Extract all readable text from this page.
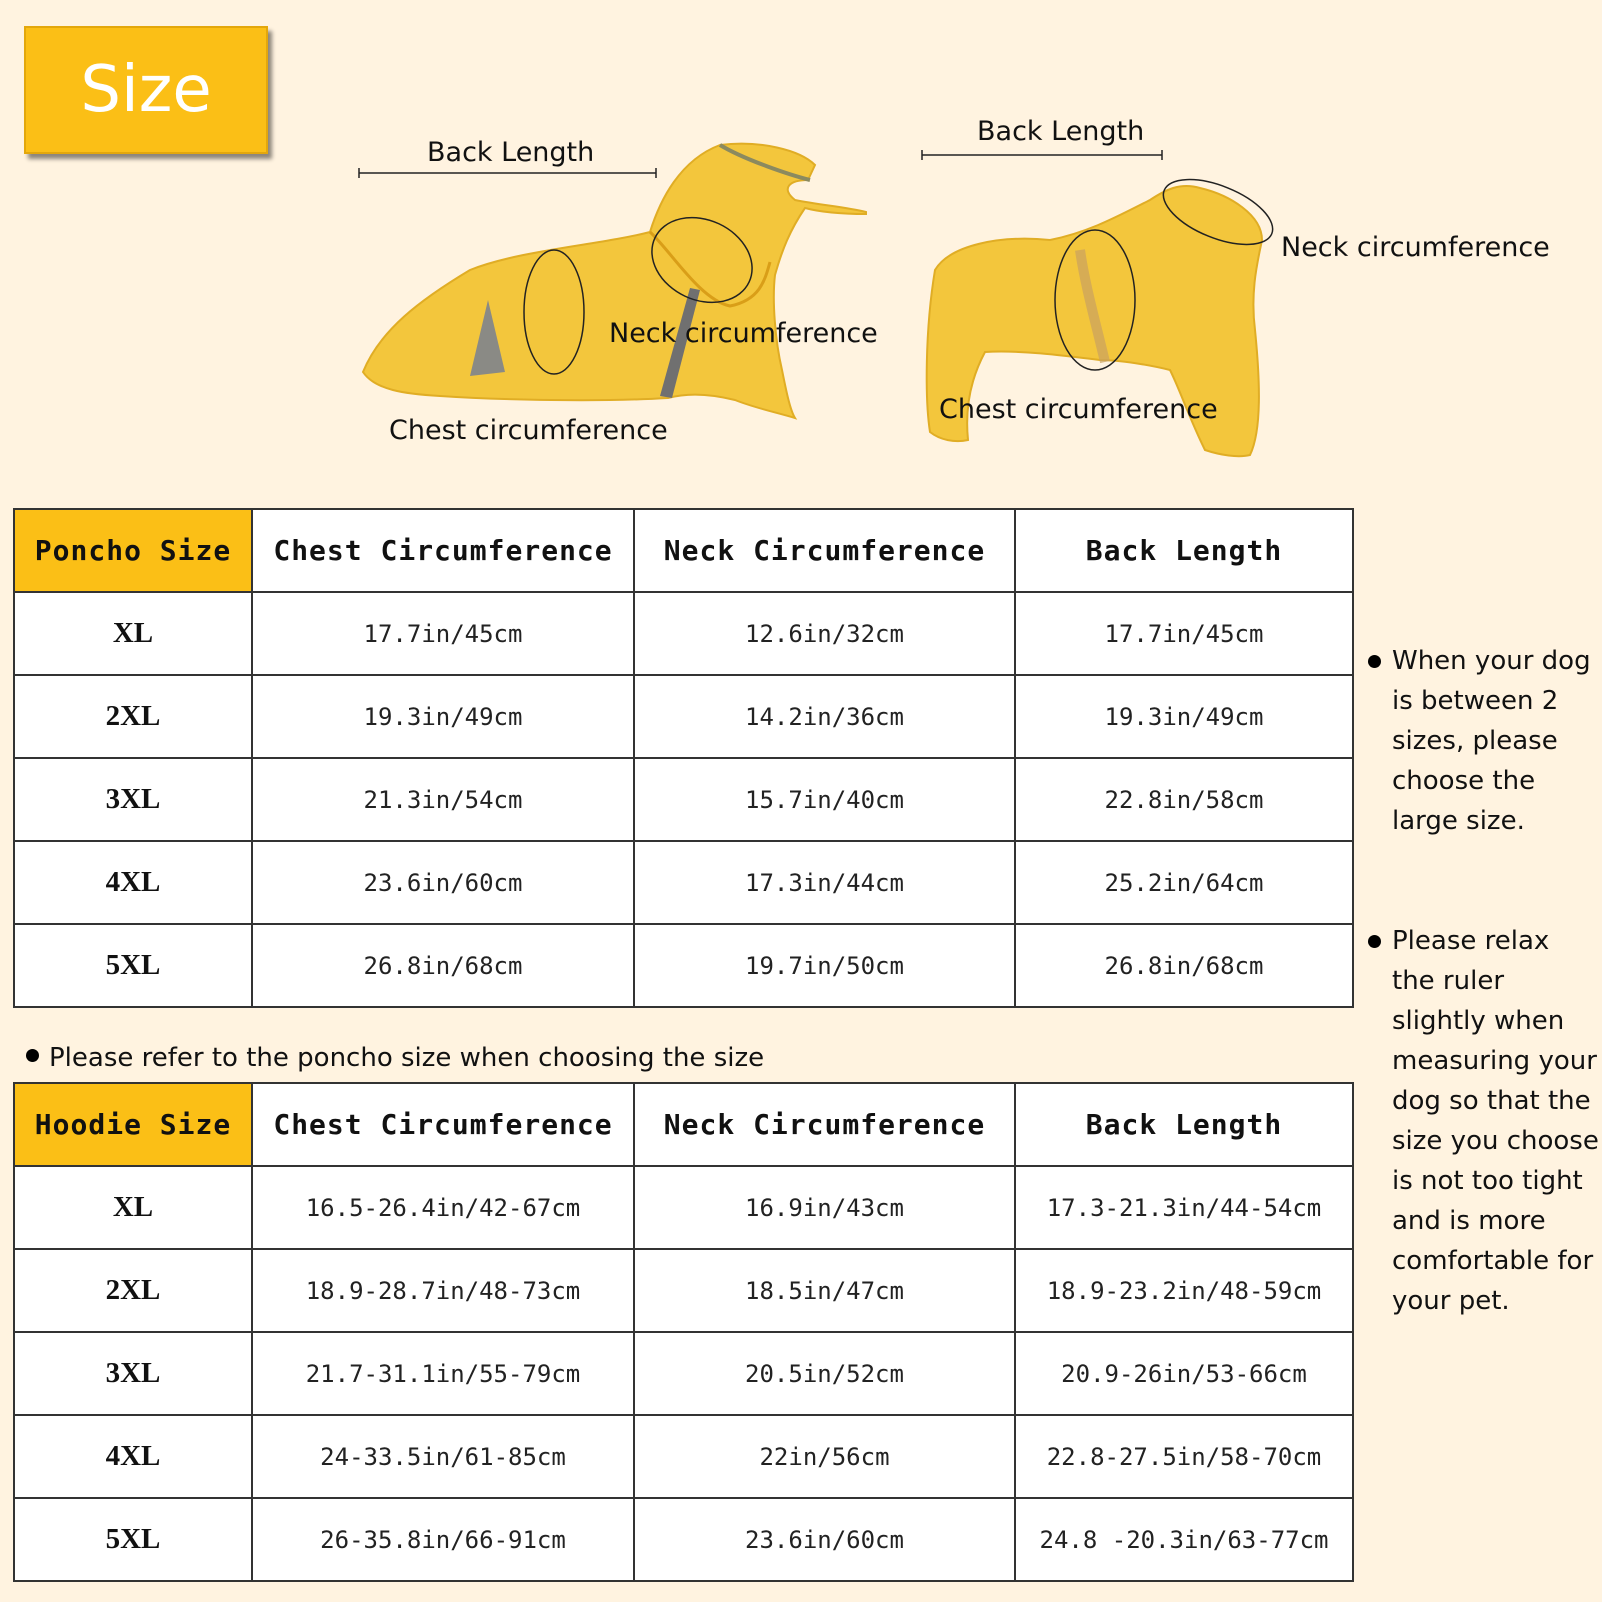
Size
Back Length
Neck circumference
Chest circumference
Back Length
Neck circumference
Chest circumference
Poncho Size	Chest Circumference	Neck Circumference	Back Length
XL	17.7in/45cm	12.6in/32cm	17.7in/45cm
2XL	19.3in/49cm	14.2in/36cm	19.3in/49cm
3XL	21.3in/54cm	15.7in/40cm	22.8in/58cm
4XL	23.6in/60cm	17.3in/44cm	25.2in/64cm
5XL	26.8in/68cm	19.7in/50cm	26.8in/68cm
Please refer to the poncho size when choosing the size
Hoodie Size	Chest Circumference	Neck Circumference	Back Length
XL	16.5-26.4in/42-67cm	16.9in/43cm	17.3-21.3in/44-54cm
2XL	18.9-28.7in/48-73cm	18.5in/47cm	18.9-23.2in/48-59cm
3XL	21.7-31.1in/55-79cm	20.5in/52cm	20.9-26in/53-66cm
4XL	24-33.5in/61-85cm	22in/56cm	22.8-27.5in/58-70cm
5XL	26-35.8in/66-91cm	23.6in/60cm	24.8 -20.3in/63-77cm
When your dog is between 2 sizes, please choose the large size.
Please relax the ruler slightly when measuring your dog so that the size you choose is not too tight and is more comfortable for your pet.
